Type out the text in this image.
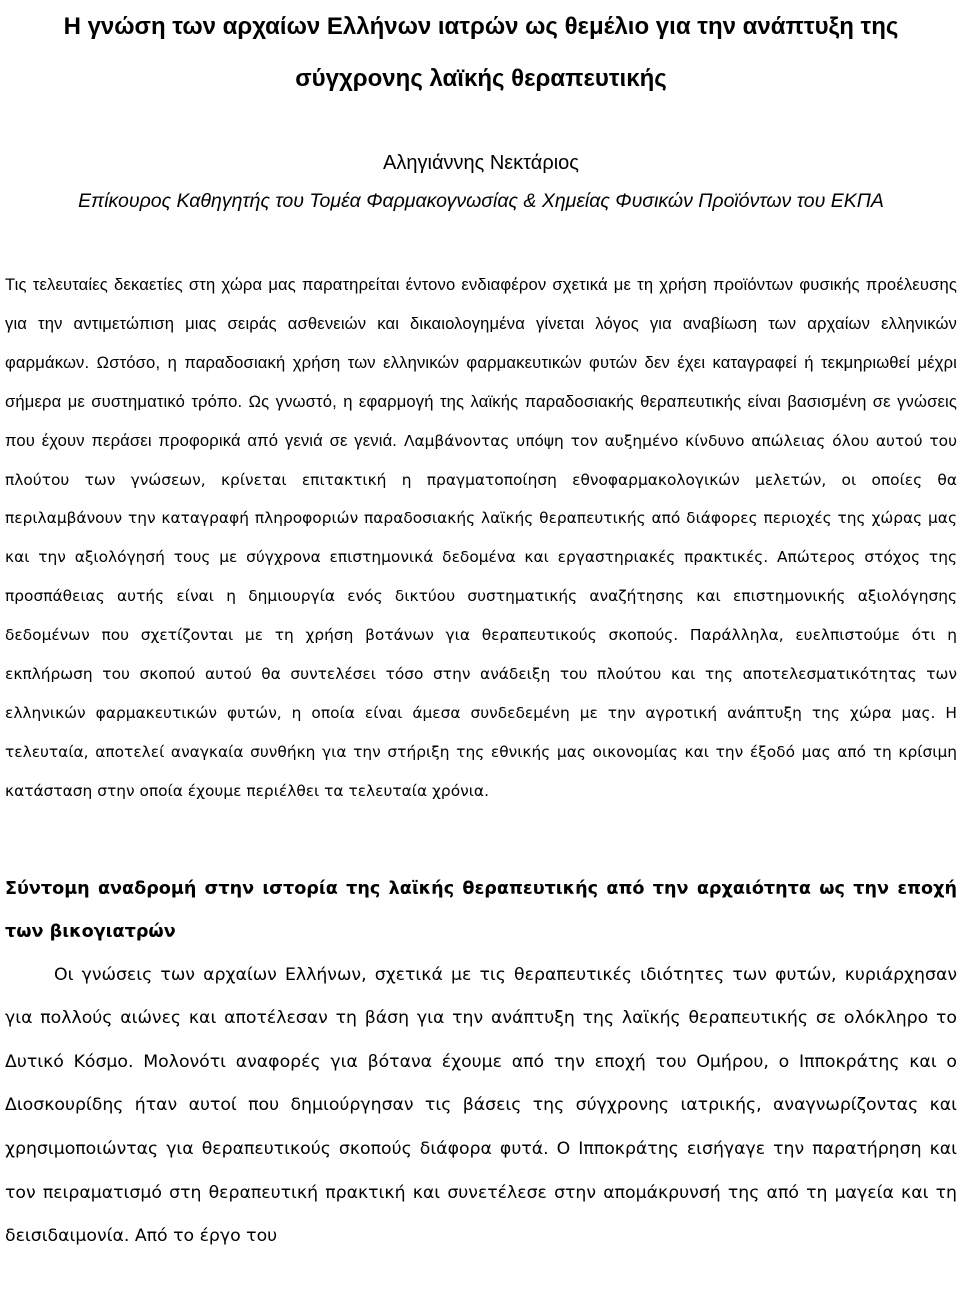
Η γνώση των αρχαίων Ελλήνων ιατρών ως θεμέλιο για την ανάπτυξη της σύγχρονης λαϊκής θεραπευτικής

Αληγιάννης Νεκτάριος

Επίκουρος Καθηγητής του Τομέα Φαρμακογνωσίας & Χημείας Φυσικών Προϊόντων του ΕΚΠΑ

Τις τελευταίες δεκαετίες στη χώρα μας παρατηρείται έντονο ενδιαφέρον σχετικά με τη χρήση προϊόντων φυσικής προέλευσης για την αντιμετώπιση μιας σειράς ασθενειών και δικαιολογημένα γίνεται λόγος για αναβίωση των αρχαίων ελληνικών φαρμάκων. Ωστόσο, η παραδοσιακή χρήση των ελληνικών φαρμακευτικών φυτών δεν έχει καταγραφεί ή τεκμηριωθεί μέχρι σήμερα με συστηματικό τρόπο. Ως γνωστό, η εφαρμογή της λαϊκής παραδοσιακής θεραπευτικής είναι βασισμένη σε γνώσεις που έχουν περάσει προφορικά από γενιά σε γενιά. Λαμβάνοντας υπόψη τον αυξημένο κίνδυνο απώλειας όλου αυτού του πλούτου των γνώσεων, κρίνεται επιτακτική η πραγματοποίηση εθνοφαρμακολογικών μελετών, οι οποίες θα περιλαμβάνουν την καταγραφή πληροφοριών παραδοσιακής λαϊκής θεραπευτικής από διάφορες περιοχές της χώρας μας και την αξιολόγησή τους με σύγχρονα επιστημονικά δεδομένα και εργαστηριακές πρακτικές. Απώτερος στόχος της προσπάθειας αυτής είναι η δημιουργία ενός δικτύου συστηματικής αναζήτησης και επιστημονικής αξιολόγησης δεδομένων που σχετίζονται με τη χρήση βοτάνων για θεραπευτικούς σκοπούς. Παράλληλα, ευελπιστούμε ότι η εκπλήρωση του σκοπού αυτού θα συντελέσει τόσο στην ανάδειξη του πλούτου και της αποτελεσματικότητας των ελληνικών φαρμακευτικών φυτών, η οποία είναι άμεσα συνδεδεμένη με την αγροτική ανάπτυξη της χώρα μας. Η τελευταία, αποτελεί αναγκαία συνθήκη για την στήριξη της εθνικής μας οικονομίας και την έξοδό μας από τη κρίσιμη κατάσταση στην οποία έχουμε περιέλθει τα τελευταία χρόνια.

Σύντομη αναδρομή στην ιστορία της λαϊκής θεραπευτικής από την αρχαιότητα ως την εποχή των βικογιατρών

Οι γνώσεις των αρχαίων Ελλήνων, σχετικά με τις θεραπευτικές ιδιότητες των φυτών, κυριάρχησαν για πολλούς αιώνες και αποτέλεσαν τη βάση για την ανάπτυξη της λαϊκής θεραπευτικής σε ολόκληρο το Δυτικό Κόσμο. Μολονότι αναφορές για βότανα έχουμε από την εποχή του Ομήρου, ο Ιπποκράτης και ο Διοσκουρίδης ήταν αυτοί που δημιούργησαν τις βάσεις της σύγχρονης ιατρικής, αναγνωρίζοντας και χρησιμοποιώντας για θεραπευτικούς σκοπούς διάφορα φυτά. Ο Ιπποκράτης εισήγαγε την παρατήρηση και τον πειραματισμό στη θεραπευτική πρακτική και συνετέλεσε στην απομάκρυνσή της από τη μαγεία και τη δεισιδαιμονία. Από το έργο του
